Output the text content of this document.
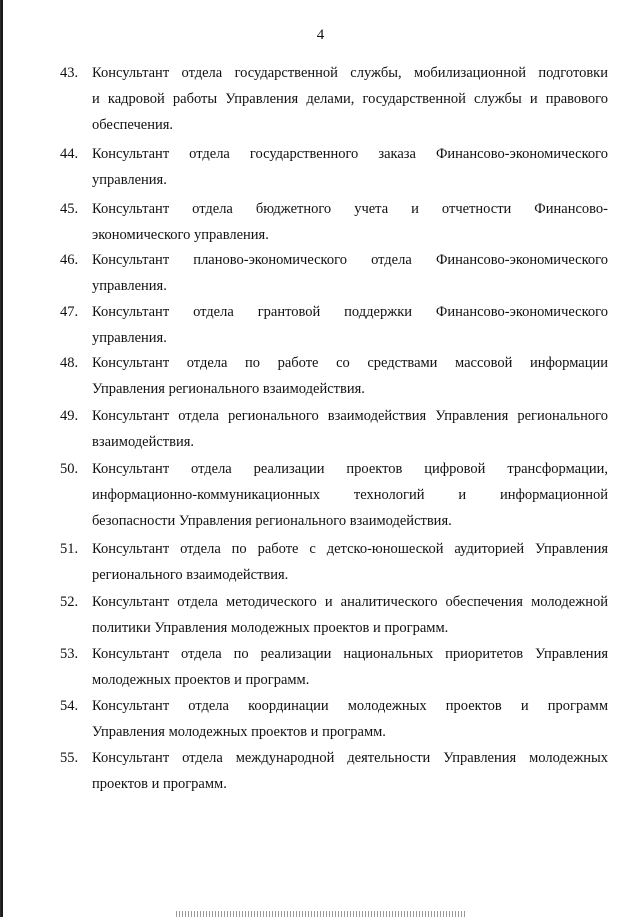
4
43. Консультант отдела государственной службы, мобилизационной подготовки
и кадровой работы Управления делами, государственной службы и правового
обеспечения.
44. Консультант отдела государственного заказа Финансово-экономического
управления.
45. Консультант отдела бюджетного учета и отчетности Финансово-
экономического управления.
46. Консультант планово-экономического отдела Финансово-экономического
управления.
47. Консультант отдела грантовой поддержки Финансово-экономического
управления.
48. Консультант отдела по работе со средствами массовой информации
Управления регионального взаимодействия.
49. Консультант отдела регионального взаимодействия Управления регионального
взаимодействия.
50. Консультант отдела реализации проектов цифровой трансформации,
информационно-коммуникационных технологий и информационной
безопасности Управления регионального взаимодействия.
51. Консультант отдела по работе с детско-юношеской аудиторией Управления
регионального взаимодействия.
52. Консультант отдела методического и аналитического обеспечения молодежной
политики Управления молодежных проектов и программ.
53. Консультант отдела по реализации национальных приоритетов Управления
молодежных проектов и программ.
54. Консультант отдела координации молодежных проектов и программ
Управления молодежных проектов и программ.
55. Консультант отдела международной деятельности Управления молодежных
проектов и программ.
